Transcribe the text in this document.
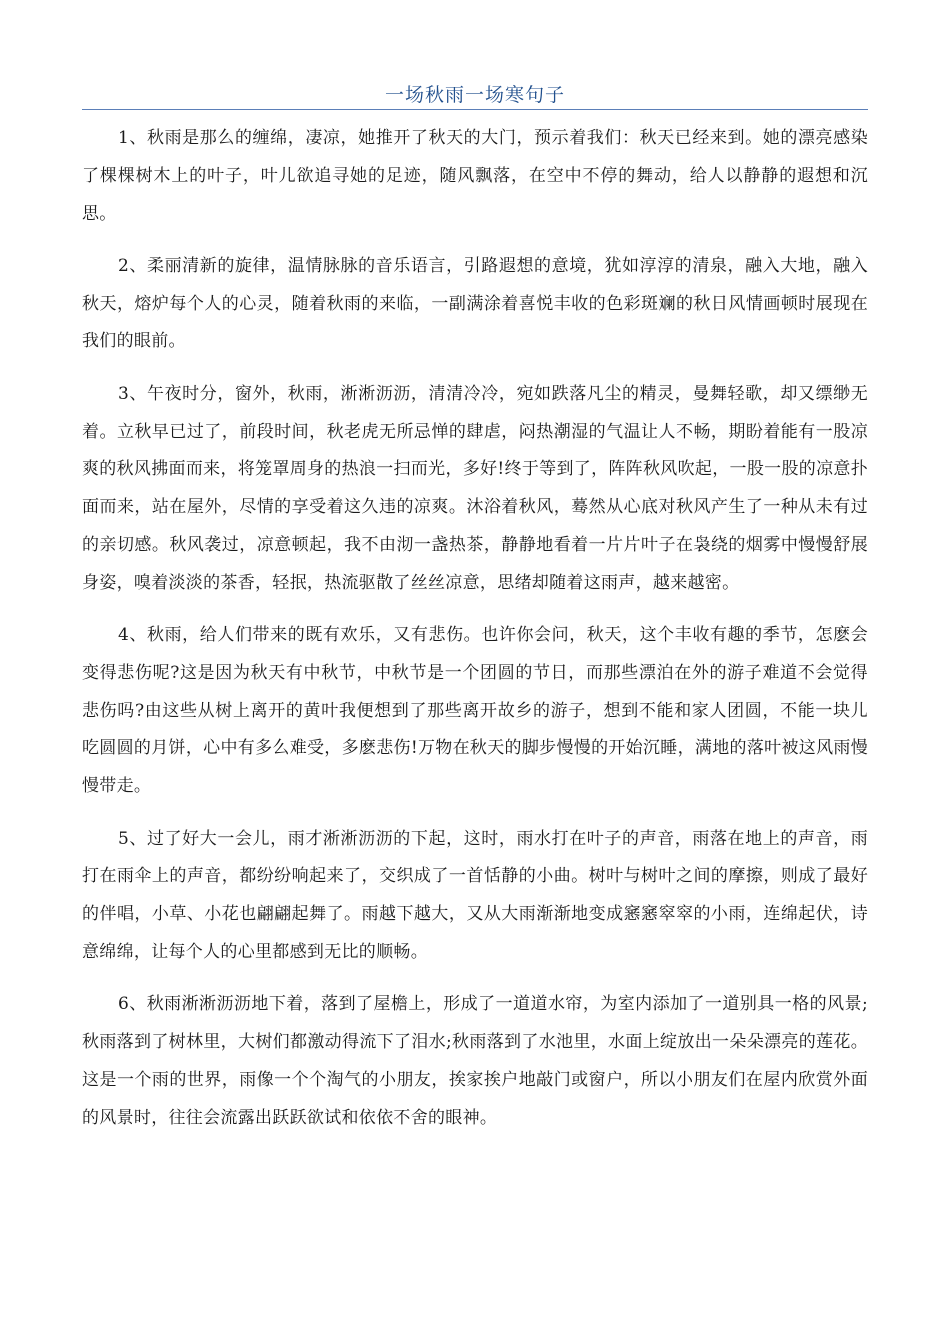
一场秋雨一场寒句子

1、秋雨是那么的缠绵，凄凉，她推开了秋天的大门，预示着我们：秋天已经来到。她的漂亮感染了棵棵树木上的叶子，叶儿欲追寻她的足迹，随风飘落，在空中不停的舞动，给人以静静的遐想和沉思。

2、柔丽清新的旋律，温情脉脉的音乐语言，引路遐想的意境，犹如淳淳的清泉，融入大地，融入秋天，熔炉每个人的心灵，随着秋雨的来临，一副满涂着喜悦丰收的色彩斑斓的秋日风情画顿时展现在我们的眼前。

3、午夜时分，窗外，秋雨，淅淅沥沥，清清冷冷，宛如跌落凡尘的精灵，曼舞轻歌，却又缥缈无着。立秋早已过了，前段时间，秋老虎无所忌惮的肆虐，闷热潮湿的气温让人不畅，期盼着能有一股凉爽的秋风拂面而来，将笼罩周身的热浪一扫而光，多好!终于等到了，阵阵秋风吹起，一股一股的凉意扑面而来，站在屋外，尽情的享受着这久违的凉爽。沐浴着秋风，蓦然从心底对秋风产生了一种从未有过的亲切感。秋风袭过，凉意顿起，我不由沏一盏热茶，静静地看着一片片叶子在袅绕的烟雾中慢慢舒展身姿，嗅着淡淡的茶香，轻抿，热流驱散了丝丝凉意，思绪却随着这雨声，越来越密。

4、秋雨，给人们带来的既有欢乐，又有悲伤。也许你会问，秋天，这个丰收有趣的季节，怎麽会变得悲伤呢?这是因为秋天有中秋节，中秋节是一个团圆的节日，而那些漂泊在外的游子难道不会觉得悲伤吗?由这些从树上离开的黄叶我便想到了那些离开故乡的游子，想到不能和家人团圆，不能一块儿吃圆圆的月饼，心中有多么难受，多麽悲伤!万物在秋天的脚步慢慢的开始沉睡，满地的落叶被这风雨慢慢带走。

5、过了好大一会儿，雨才淅淅沥沥的下起，这时，雨水打在叶子的声音，雨落在地上的声音，雨打在雨伞上的声音，都纷纷响起来了，交织成了一首恬静的小曲。树叶与树叶之间的摩擦，则成了最好的伴唱，小草、小花也翩翩起舞了。雨越下越大，又从大雨渐渐地变成窸窸窣窣的小雨，连绵起伏，诗意绵绵，让每个人的心里都感到无比的顺畅。

6、秋雨淅淅沥沥地下着，落到了屋檐上，形成了一道道水帘，为室内添加了一道别具一格的风景;秋雨落到了树林里，大树们都激动得流下了泪水;秋雨落到了水池里，水面上绽放出一朵朵漂亮的莲花。这是一个雨的世界，雨像一个个淘气的小朋友，挨家挨户地敲门或窗户，所以小朋友们在屋内欣赏外面的风景时，往往会流露出跃跃欲试和依依不舍的眼神。
